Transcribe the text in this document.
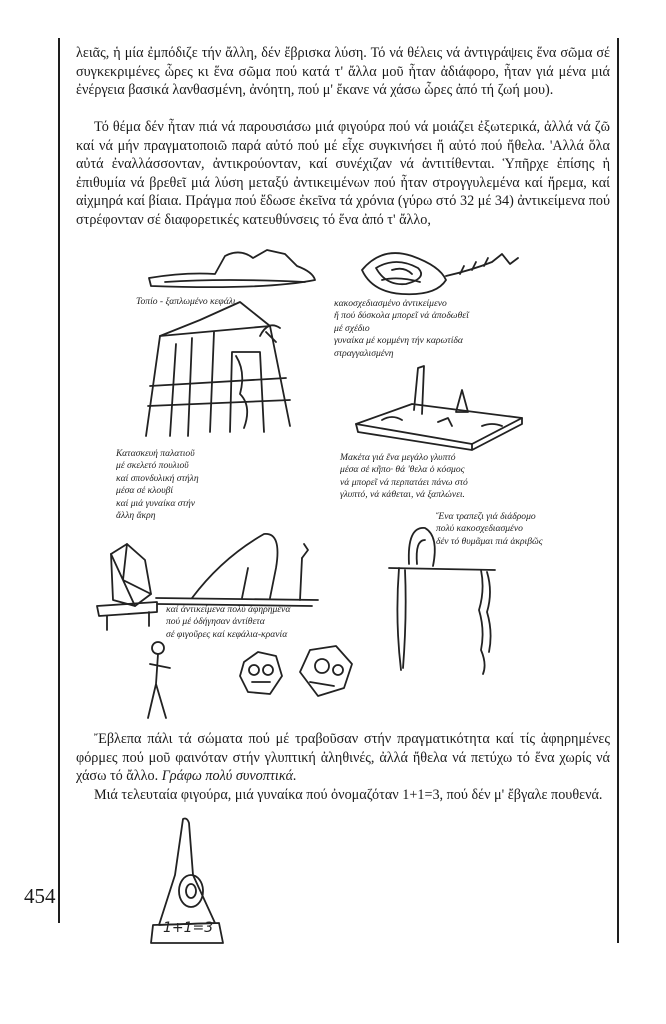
λειᾶς, ἡ μία ἐμπόδιζε τήν ἄλλη, δέν ἔβρισκα λύση. Τό νά θέλεις νά ἀντιγράψεις ἕνα σῶμα σέ συγκεκριμένες ὧρες κι ἕνα σῶμα πού κατά τ' ἄλλα μοῦ ἦταν ἀδιάφορο, ἦταν γιά μένα μιά ἐνέργεια βασικά λανθασμένη, ἀνόητη, πού μ' ἔκανε νά χάσω ὧρες ἀπό τή ζωή μου).

Τό θέμα δέν ἦταν πιά νά παρουσιάσω μιά φιγούρα πού νά μοιάζει ἐξωτερικά, ἀλλά νά ζῶ καί νά μήν πραγματοποιῶ παρά αὐτό πού μέ εἶχε συγκινήσει ἤ αὐτό πού ἤθελα. 'Αλλά ὅλα αὐτά ἐναλλάσσονταν, ἀντικρούονταν, καί συνέχιζαν νά ἀντιτίθενται. Ὑπῆρχε ἐπίσης ἡ ἐπιθυμία νά βρεθεῖ μιά λύση μεταξύ ἀντικειμένων πού ἦταν στρογγυλεμένα καί ἤρεμα, καί αἰχμηρά καί βίαια. Πράγμα πού ἔδωσε ἐκεῖνα τά χρόνια (γύρω στό 32 μέ 34) ἀντικείμενα πού στρέφονταν σέ διαφορετικές κατευθύνσεις τό ἕνα ἀπό τ' ἄλλο,

Τοπίο - ξαπλωμένο κεφάλι	κακοσχεδιασμένο ἀντικείμενο
ἤ πού δύσκολα μπορεῖ νά ἀποδωθεῖ
μέ σχέδιο
γυναίκα μέ κομμένη τήν καρωτίδα
στραγγαλισμένη
Κατασκευή παλατιοῦ
μέ σκελετό πουλιοῦ
καί σπονδυλική στήλη
μέσα σέ κλουβί
καί μιά γυναίκα στήν
ἄλλη ἄκρη
Μακέτα γιά ἕνα μεγάλο γλυπτό
μέσα σέ κῆπο· θά 'θελα ὁ κόσμος
νά μπορεῖ νά περπατάει πάνω στό
γλυπτό, νά κάθεται, νά ξαπλώνει.
Ἕνα τραπεζι γιά διάδρομο
πολύ κακοσχεδιασμένο
δέν τό θυμᾶμαι πιά ἀκριβῶς
καί ἀντικείμενα πολύ ἀφηρημένα
πού μέ ὁδήγησαν ἀντίθετα
σέ φιγοῦρες καί κεφάλια-κρανία

Ἔβλεπα πάλι τά σώματα πού μέ τραβοῦσαν στήν πραγματικότητα καί τίς ἀφηρημένες φόρμες πού μοῦ φαινόταν στήν γλυπτική ἀληθινές, ἀλλά ἤθελα νά πετύχω τό ἕνα χωρίς νά χάσω τό ἄλλο. Γράφω πολύ συνοπτικά.

Μιά τελευταία φιγούρα, μιά γυναίκα πού ὀνομαζόταν 1+1=3, πού δέν μ' ἔβγαλε πουθενά.

1+1=3
454
